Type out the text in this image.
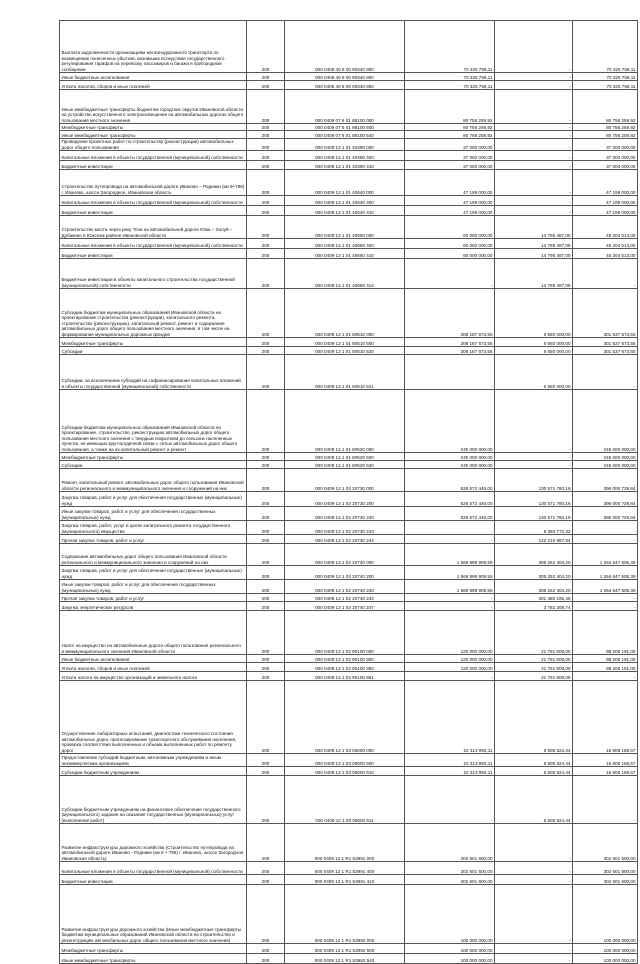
Выплата задолженности организациям железнодорожного транспорта по возмещению понесенных убытков, возникших вследствие государственного регулирования тарифов на перевозку пассажиров и багажа в пригородном сообщении	200	000 0408 40 9 00 90340 800	70 325 758,11	-	70 325 758,11
Иные бюджетные ассигнования	200	000 0408 40 9 00 90340 800	70 325 758,11	-	70 325 758,11
Уплата налогов, сборов и иных платежей	200	000 0408 40 9 00 90340 850	70 325 758,11	-	70 325 758,11
Иные межбюджетные трансферты бюджетам городских округов Ивановской области на устройство искусственного электроосвещения на автомобильных дорогах общего пользования местного значения	200	000 0409 07 6 01 88100 000	80 756 259,92	-	80 756 259,92
Межбюджетные трансферты	200	000 0409 07 6 01 88100 500	80 756 259,92	-	80 756 259,92
Иные межбюджетные трансферты	200	000 0409 07 6 01 88100 540	80 756 259,92	-	80 756 259,92
Проведение проектных работ по строительству (реконструкции) автомобильных дорог общего пользования	200	000 0409 12 1 01 40390 000	37 000 000,00	-	37 000 000,00
Капитальные вложения в объекты государственной (муниципальной) собственности	200	000 0409 12 1 01 40390 400	37 000 000,00	-	37 000 000,00
Бюджетные инвестиции	200	000 0409 12 1 01 40390 410	37 000 000,00	-	37 000 000,00
Строительство путепровода на автомобильной дороге Иваново – Родники (км 9+798) г. Иваново, шоссе Загородное, Ивановская область	200	000 0409 12 1 01 40640 000	47 199 000,00	-	47 199 000,00
Капитальные вложения в объекты государственной (муниципальной) собственности	200	000 0409 12 1 01 40640 400	47 199 000,00	-	47 199 000,00
Бюджетные инвестиции	200	000 0409 12 1 01 40640 410	47 199 000,00	-	47 199 000,00
Строительство моста через реку Теза на автомобильной дороге Южа – Холуй – Дубакино в Южском районе Ивановской области	200	000 0409 12 1 01 40660 000	60 000 000,00	14 795 487,00	45 204 513,00
Капитальные вложения в объекты государственной (муниципальной) собственности	200	000 0409 12 1 01 40660 400	60 000 000,00	14 795 487,00	45 204 513,00
Бюджетные инвестиции	200	000 0409 12 1 01 40660 410	60 000 000,00	14 795 487,00	45 204 513,00
Бюджетные инвестиции в объекты капитального строительства государственной (муниципальной) собственности	200	000 0409 12 1 01 40660 414	-	14 795 487,00	-
Субсидии бюджетам муниципальных образований Ивановской области на проектирование строительства (реконструкции), капитального ремонта, строительство (реконструкцию), капитальный ремонт, ремонт и содержание автомобильных дорог общего пользования местного значения, в том числе на формирование муниципальных дорожных фондов	200	000 0409 12 1 01 80510 000	308 187 673,55	6 650 000,00	301 537 673,55
Межбюджетные трансферты	200	000 0409 12 1 01 80510 500	308 187 673,55	6 650 000,00	301 537 673,55
Субсидии	200	000 0409 12 1 01 80510 520	308 187 673,55	6 650 000,00	301 537 673,55
Субсидии, за исключением субсидий на софинансирование капитальных вложений в объекты государственной (муниципальной) собственности	200	000 0409 12 1 01 80510 521	-	6 650 000,00	-
Субсидии бюджетам муниципальных образований Ивановской области на проектирование, строительство, реконструкцию автомобильных дорог общего пользования местного значения с твердым покрытием до сельских населенных пунктов, не имеющих круглогодичной связи с сетью автомобильных дорог общего пользования, а также на их капитальный ремонт и ремонт	200	000 0409 12 1 01 80520 000	245 000 000,00	-	245 000 000,00
Межбюджетные трансферты	200	000 0409 12 1 01 80520 500	245 000 000,00	-	245 000 000,00
Субсидии	200	000 0409 12 1 01 80520 520	245 000 000,00	-	245 000 000,00
Ремонт, капитальный ремонт автомобильных дорог общего пользования Ивановской области регионального и межмуниципального значения и сооружений на них	200	000 0409 12 1 02 20730 000	526 572 446,00	130 571 760,16	396 000 729,84
Закупка товаров, работ и услуг для обеспечения государственных (муниципальных) нужд	200	000 0409 12 1 02 20730 200	526 572 446,00	130 571 760,16	396 000 729,84
Иные закупки товаров, работ и услуг для обеспечения государственных (муниципальных) нужд	200	000 0409 12 1 02 20730 240	526 572 446,00	130 571 760,16	396 000 729,84
Закупка товаров, работ, услуг в целях капитального ремонта государственного (муниципального) имущества	200	000 0409 12 1 02 20730 243	-	8 360 772,32	-
Прочая закупка товаров, работ и услуг	200	000 0409 12 1 02 20730 244	-	122 210 987,84	-
Содержание автомобильных дорог общего пользования Ивановской области регионального и межмуниципального значения и сооружений на них	200	000 0409 12 1 02 20740 000	1 569 899 909,59	305 252 404,20	1 264 647 505,39
Закупка товаров, работ и услуг для обеспечения государственных (муниципальных) нужд	200	000 0409 12 1 02 20740 200	1 569 899 909,59	305 252 404,20	1 264 647 505,39
Иные закупки товаров, работ и услуг для обеспечения государственных (муниципальных) нужд	200	000 0409 12 1 02 20740 240	1 569 899 909,59	305 252 404,20	1 264 647 505,39
Прочая закупка товаров, работ и услуг	200	000 0409 12 1 02 20740 244	-	301 480 195,46	-
Закупка энергетических ресурсов	200	000 0409 12 1 02 20740 247	-	3 782 208,74	-
Налог на имущество на автомобильные дороги общего пользования регионального и межмуниципального значения Ивановской области	200	000 0409 12 1 02 90100 000	120 000 000,00	21 791 809,00	98 208 191,00
Иные бюджетные ассигнования	200	000 0409 12 1 02 90100 800	120 000 000,00	21 791 809,00	98 208 191,00
Уплата налогов, сборов и иных платежей	200	000 0409 12 1 02 90100 850	120 000 000,00	21 791 809,00	98 208 191,00
Уплата налога на имущество организаций и земельного налога	200	000 0409 12 1 02 90100 851	-	21 791 809,00	-
Осуществление лабораторных испытаний, диагностики технического состояния автомобильных дорог, прогнозирование транспортного обслуживания населения, проверка соответствия выполненных и объема выполненных работ по ремонту дорог	200	000 0409 12 1 03 06600 000	22 313 993,11	5 505 824,44	16 808 168,67
Предоставление субсидий бюджетным, автономным учреждениям и иным некоммерческим организациям	200	000 0409 12 1 03 06600 600	22 313 993,11	5 505 824,44	16 808 168,67
Субсидии бюджетным учреждениям	200	000 0409 12 1 03 06600 610	22 313 993,11	5 505 824,44	16 808 168,67
Субсидии бюджетным учреждениям на финансовое обеспечение государственного (муниципального) задания на оказание государственных (муниципальных) услуг (выполнение работ)	200	000 0409 12 1 03 06600 611	-	5 505 824,44	-
Развитие инфраструктуры дорожного хозяйства (Строительство путепровода на автомобильной дороге Иваново - Родники (км 9 + 798) г. Иваново, шоссе Загородное, Ивановская область)	200	000 0409 12 1 R1 53991 000	302 601 600,00	-	302 601 600,00
Капитальные вложения в объекты государственной (муниципальной) собственности	200	000 0409 12 1 R1 53991 400	302 601 600,00	-	302 601 600,00
Бюджетные инвестиции	200	000 0409 12 1 R1 53991 410	302 601 600,00	-	302 601 600,00
Развитие инфраструктуры дорожного хозяйства (Иные межбюджетные трансферты бюджетам муниципальных образований Ивановской области на строительство и реконструкцию автомобильных дорог общего пользования местного значения)	200	000 0409 12 1 R1 53992 000	100 000 000,00	-	100 000 000,00
Межбюджетные трансферты	200	000 0409 12 1 R1 53992 500	100 000 000,00	-	100 000 000,00
Иные межбюджетные трансферты	200	000 0409 12 1 R1 53992 540	100 000 000,00	-	100 000 000,00
